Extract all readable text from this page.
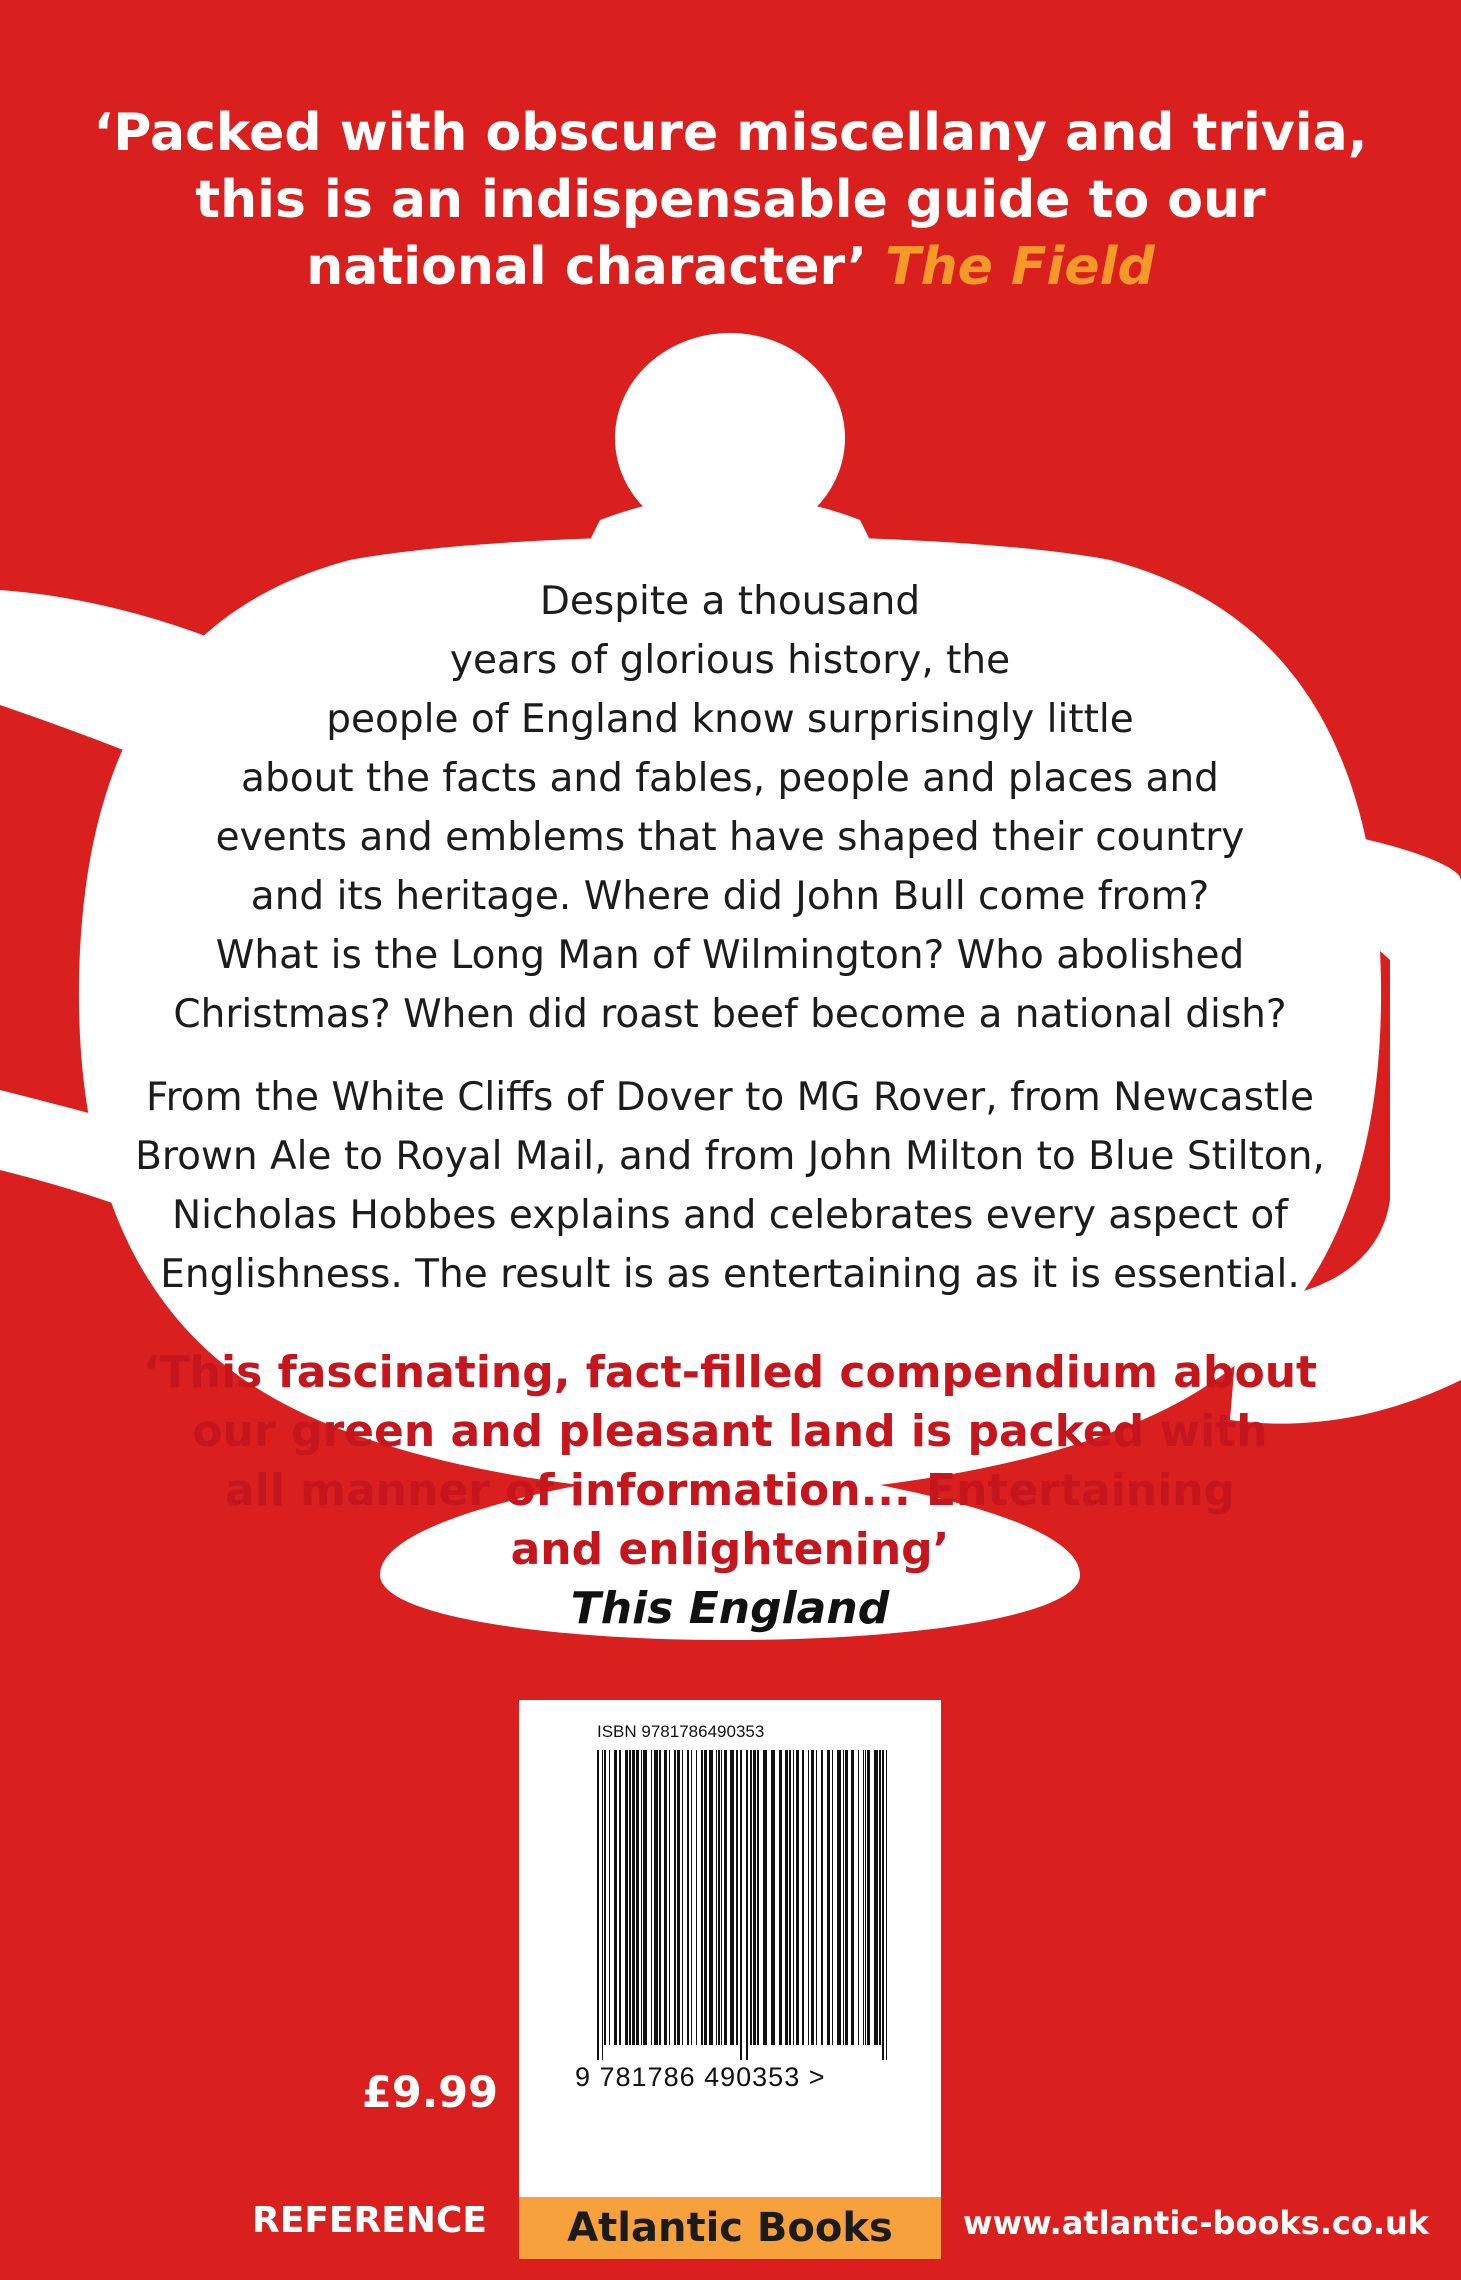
‘Packed with obscure miscellany and trivia,
this is an indispensable guide to our
national character’ The Field

Despite a thousand
years of glorious history, the
people of England know surprisingly little
about the facts and fables, people and places and
events and emblems that have shaped their country
and its heritage. Where did John Bull come from?
What is the Long Man of Wilmington? Who abolished
Christmas? When did roast beef become a national dish?

From the White Cliffs of Dover to MG Rover, from Newcastle
Brown Ale to Royal Mail, and from John Milton to Blue Stilton,
Nicholas Hobbes explains and celebrates every aspect of
Englishness. The result is as entertaining as it is essential.

‘This fascinating, fact-filled compendium about
our green and pleasant land is packed with
all manner of information... Entertaining
and enlightening’
This England
ISBN 9781786490353
9 781786 490353 >
£9.99
REFERENCE	Atlantic Books	www.atlantic-books.co.uk
